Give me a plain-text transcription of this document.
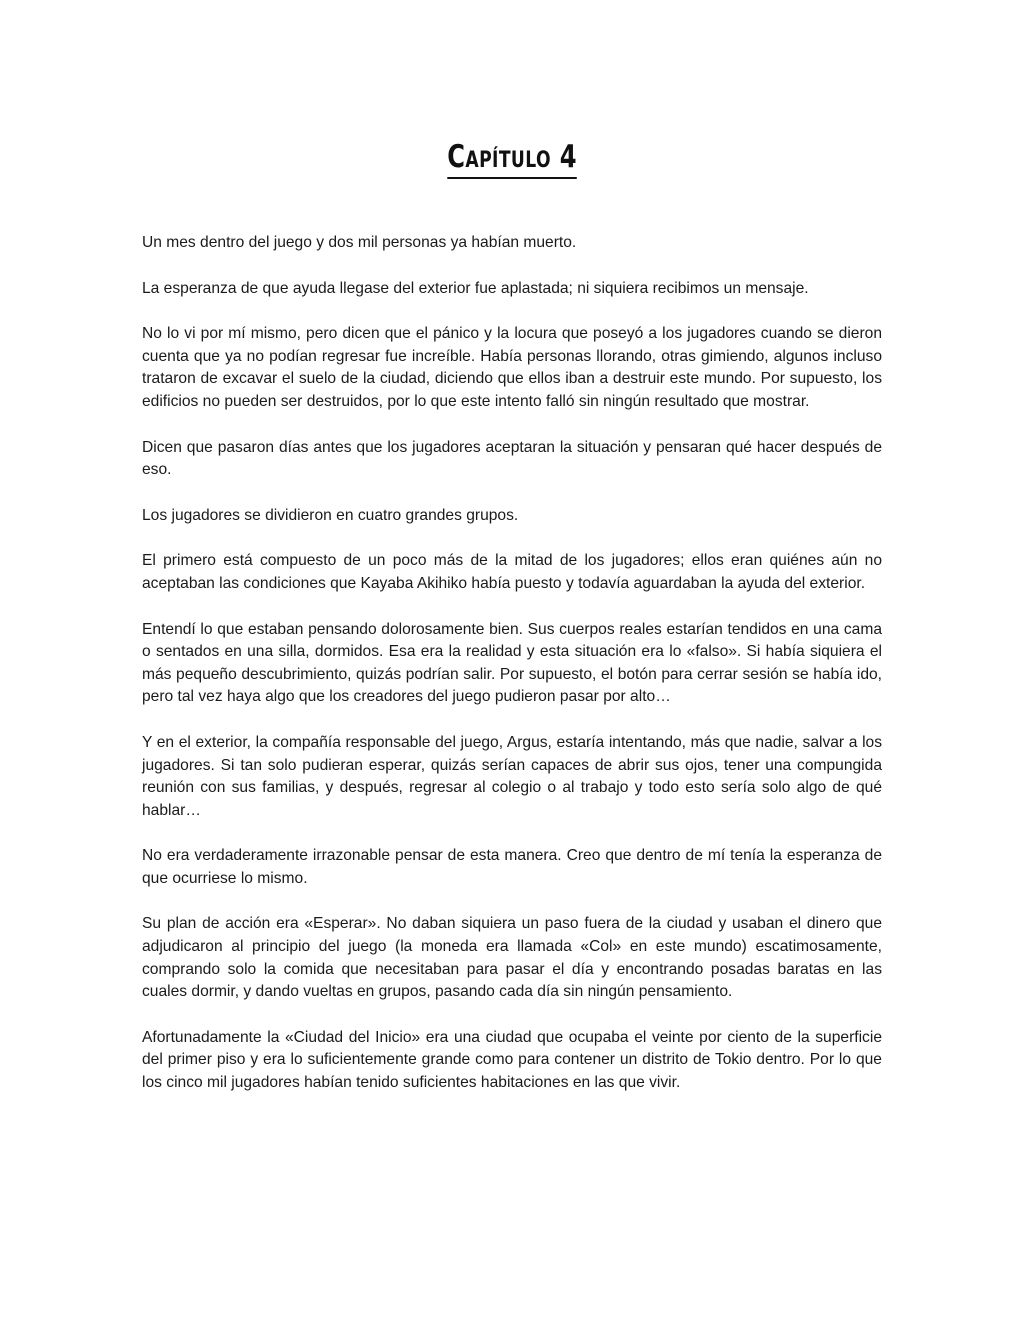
Capítulo 4

Un mes dentro del juego y dos mil personas ya habían muerto.

La esperanza de que ayuda llegase del exterior fue aplastada; ni siquiera recibimos un mensaje.

No lo vi por mí mismo, pero dicen que el pánico y la locura que poseyó a los jugadores cuando se dieron cuenta que ya no podían regresar fue increíble. Había personas llorando, otras gimiendo, algunos incluso trataron de excavar el suelo de la ciudad, diciendo que ellos iban a destruir este mundo. Por supuesto, los edificios no pueden ser destruidos, por lo que este intento falló sin ningún resultado que mostrar.

Dicen que pasaron días antes que los jugadores aceptaran la situación y pensaran qué hacer después de eso.

Los jugadores se dividieron en cuatro grandes grupos.

El primero está compuesto de un poco más de la mitad de los jugadores; ellos eran quiénes aún no aceptaban las condiciones que Kayaba Akihiko había puesto y todavía aguardaban la ayuda del exterior.

Entendí lo que estaban pensando dolorosamente bien. Sus cuerpos reales estarían tendidos en una cama o sentados en una silla, dormidos. Esa era la realidad y esta situación era lo «falso». Si había siquiera el más pequeño descubrimiento, quizás podrían salir. Por supuesto, el botón para cerrar sesión se había ido, pero tal vez haya algo que los creadores del juego pudieron pasar por alto…

Y en el exterior, la compañía responsable del juego, Argus, estaría intentando, más que nadie, salvar a los jugadores. Si tan solo pudieran esperar, quizás serían capaces de abrir sus ojos, tener una compungida reunión con sus familias, y después, regresar al colegio o al trabajo y todo esto sería solo algo de qué hablar…

No era verdaderamente irrazonable pensar de esta manera. Creo que dentro de mí tenía la esperanza de que ocurriese lo mismo.

Su plan de acción era «Esperar». No daban siquiera un paso fuera de la ciudad y usaban el dinero que adjudicaron al principio del juego (la moneda era llamada «Col» en este mundo) escatimosamente, comprando solo la comida que necesitaban para pasar el día y encontrando posadas baratas en las cuales dormir, y dando vueltas en grupos, pasando cada día sin ningún pensamiento.

Afortunadamente la «Ciudad del Inicio» era una ciudad que ocupaba el veinte por ciento de la superficie del primer piso y era lo suficientemente grande como para contener un distrito de Tokio dentro. Por lo que los cinco mil jugadores habían tenido suficientes habitaciones en las que vivir.
